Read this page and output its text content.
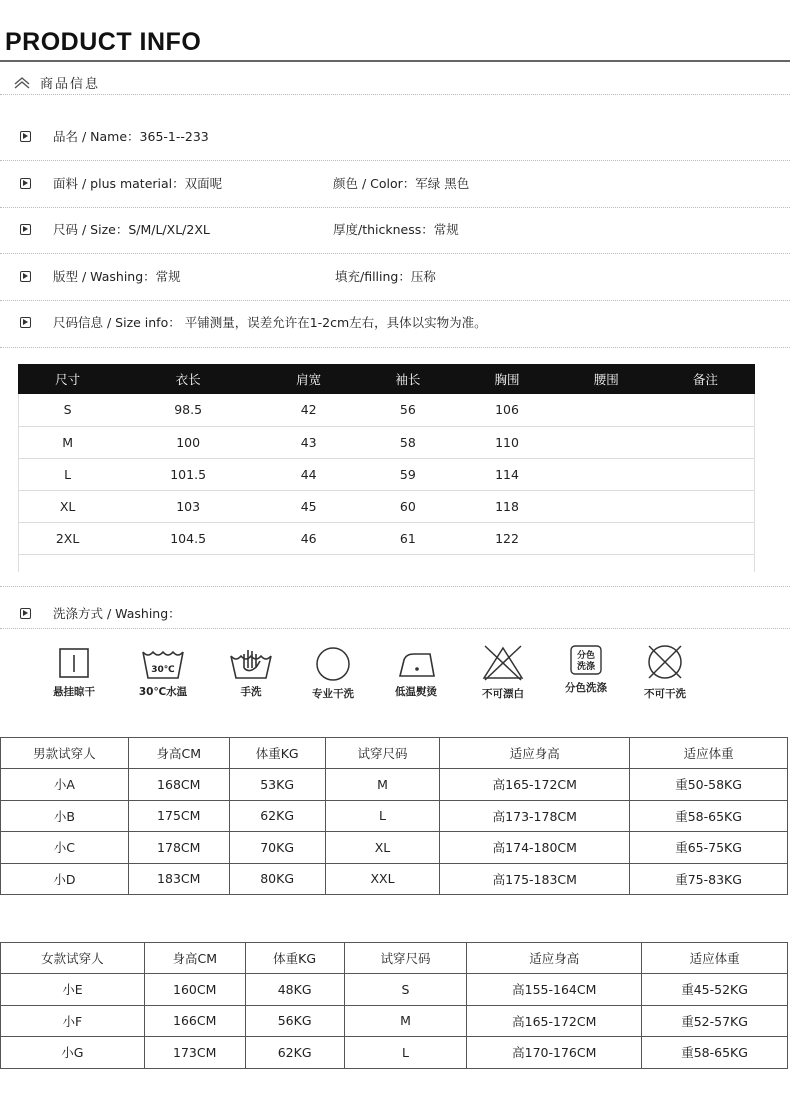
PRODUCT INFO
商品信息
品名 / Name：365-1--233
面料 / plus material：双面呢	颜色 / Color：军绿 黑色
尺码 / Size：S/M/L/XL/2XL	厚度/thickness：常规
版型 / Washing：常规	填充/filling：压称
尺码信息 / Size info： 平铺测量，误差允许在1-2cm左右，具体以实物为准。
尺寸	衣长	肩宽	袖长	胸围	腰围	备注
S	98.5	42	56	106		
M	100	43	58	110		
L	101.5	44	59	114		
XL	103	45	60	118		
2XL	104.5	46	61	122		
洗涤方式 / Washing：
悬挂晾干
30℃
30℃水温	手洗	专业干洗	低温熨烫	不可漂白
分色
洗涤
分色洗涤	不可干洗
男款试穿人	身高CM	体重KG	试穿尺码	适应身高	适应体重
小A	168CM	53KG	M	高165-172CM	重50-58KG
小B	175CM	62KG	L	高173-178CM	重58-65KG
小C	178CM	70KG	XL	高174-180CM	重65-75KG
小D	183CM	80KG	XXL	高175-183CM	重75-83KG
女款试穿人	身高CM	体重KG	试穿尺码	适应身高	适应体重
小E	160CM	48KG	S	高155-164CM	重45-52KG
小F	166CM	56KG	M	高165-172CM	重52-57KG
小G	173CM	62KG	L	高170-176CM	重58-65KG
